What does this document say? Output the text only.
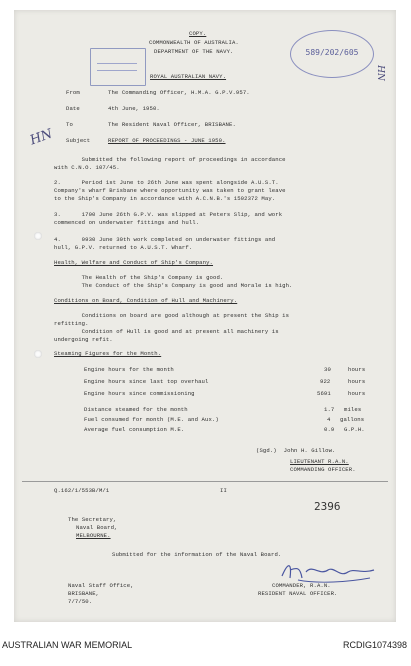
589/202/605
COPY.
COMMONWEALTH OF AUSTRALIA.
DEPARTMENT OF THE NAVY.
ROYAL AUSTRALIAN NAVY.
From	The Commanding Officer, H.M.A. G.P.V.957.
Date	4th June, 1950.
To	The Resident Naval Officer, BRISBANE.
Subject	REPORT OF PROCEEDINGS - JUNE 1950.
HN
HN
Submitted the following report of proceedings in accordance
with C.N.O. 107/45.
2.      Period 1st June to 26th June was spent alongside A.U.S.T.
Company's wharf Brisbane where opportunity was taken to grant leave
to the Ship's Company in accordance with A.C.N.B.'s 1502372 May.
3.      1700 June 26th G.P.V. was slipped at Peters Slip, and work
commenced on underwater fittings and hull.
4.      0930 June 30th work completed on underwater fittings and
hull, G.P.V. returned to A.U.S.T. Wharf.
Health, Welfare and Conduct of Ship's Company.
The Health of the Ship's Company is good.
The Conduct of the Ship's Company is good and Morale is high.
Conditions on Board, Condition of Hull and Machinery.
Conditions on board are good although at present the Ship is
refitting.
Condition of Hull is good and at present all machinery is
undergoing refit.
Steaming Figures for the Month.
Engine hours for the month	30	hours
Engine hours since last top overhaul	922	hours
Engine hours since commissioning	5691	hours
Distance steamed for the month	1.7 miles
Fuel consumed for month (M.E. and Aux.)	4 gallons
Average fuel consumption M.E.	0.9 G.P.H.
(Sgd.)  John H. Gillow.
LIEUTENANT R.A.N.
COMMANDING OFFICER.
Q.162/1/553B/M/1	II
2396
The Secretary,
Naval Board,
MELBOURNE.
Submitted for the information of the Naval Board.
Naval Staff Office,
BRISBANE,
7/7/50.
COMMANDER, R.A.N.
RESIDENT NAVAL OFFICER.
AUSTRALIAN WAR MEMORIAL	RCDIG1074398
